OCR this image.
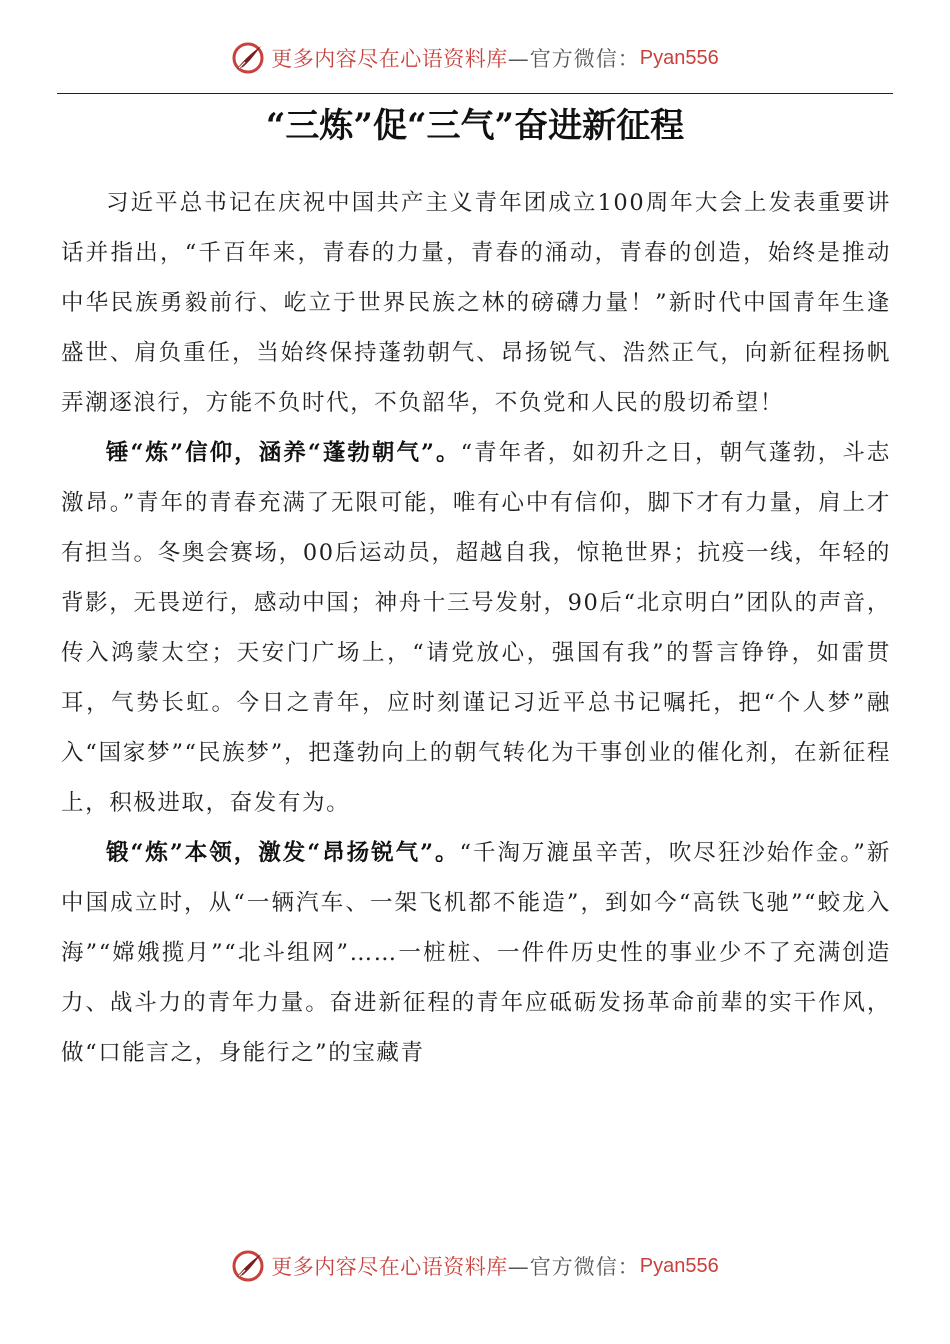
更多内容尽在心语资料库 —官方微信： Pyan556
“三炼”促“三气”奋进新征程

习近平总书记在庆祝中国共产主义青年团成立100周年大会上发表重要讲话并指出，“千百年来，青春的力量，青春的涌动，青春的创造，始终是推动中华民族勇毅前行、屹立于世界民族之林的磅礴力量！”新时代中国青年生逢盛世、肩负重任，当始终保持蓬勃朝气、昂扬锐气、浩然正气，向新征程扬帆弄潮逐浪行，方能不负时代，不负韶华，不负党和人民的殷切希望！

锤“炼”信仰，涵养“蓬勃朝气”。“青年者，如初升之日，朝气蓬勃，斗志激昂。”青年的青春充满了无限可能，唯有心中有信仰，脚下才有力量，肩上才有担当。冬奥会赛场，00后运动员，超越自我，惊艳世界；抗疫一线，年轻的背影，无畏逆行，感动中国；神舟十三号发射，90后“北京明白”团队的声音，传入鸿蒙太空；天安门广场上，“请党放心，强国有我”的誓言铮铮，如雷贯耳，气势长虹。今日之青年，应时刻谨记习近平总书记嘱托，把“个人梦”融入“国家梦”“民族梦”，把蓬勃向上的朝气转化为干事创业的催化剂，在新征程上，积极进取，奋发有为。

锻“炼”本领，激发“昂扬锐气”。“千淘万漉虽辛苦，吹尽狂沙始作金。”新中国成立时，从“一辆汽车、一架飞机都不能造”，到如今“高铁飞驰”“蛟龙入海”“嫦娥揽月”“北斗组网”……一桩桩、一件件历史性的事业少不了充满创造力、战斗力的青年力量。奋进新征程的青年应砥砺发扬革命前辈的实干作风，做“口能言之，身能行之”的宝藏青

更多内容尽在心语资料库 —官方微信： Pyan556
